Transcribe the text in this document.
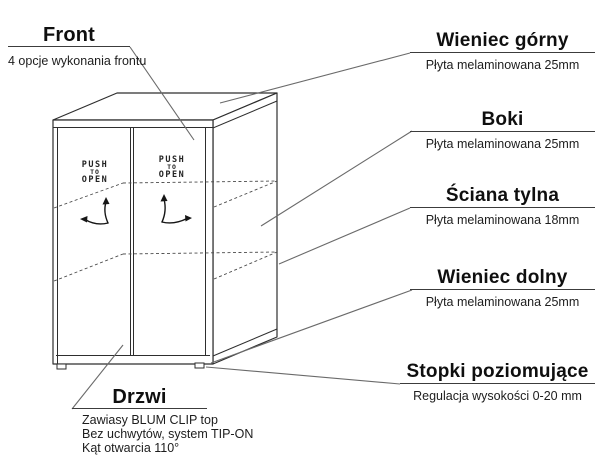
PUSH
TO
OPEN
PUSH
TO
OPEN
Front
4 opcje wykonania frontu
Drzwi
Zawiasy BLUM CLIP top
Bez uchwytów, system TIP-ON
Kąt otwarcia 110°
Wieniec górny
Płyta melaminowana 25mm
Boki
Płyta melaminowana 25mm
Ściana tylna
Płyta melaminowana 18mm
Wieniec dolny
Płyta melaminowana 25mm
Stopki poziomujące
Regulacja wysokości 0-20 mm
